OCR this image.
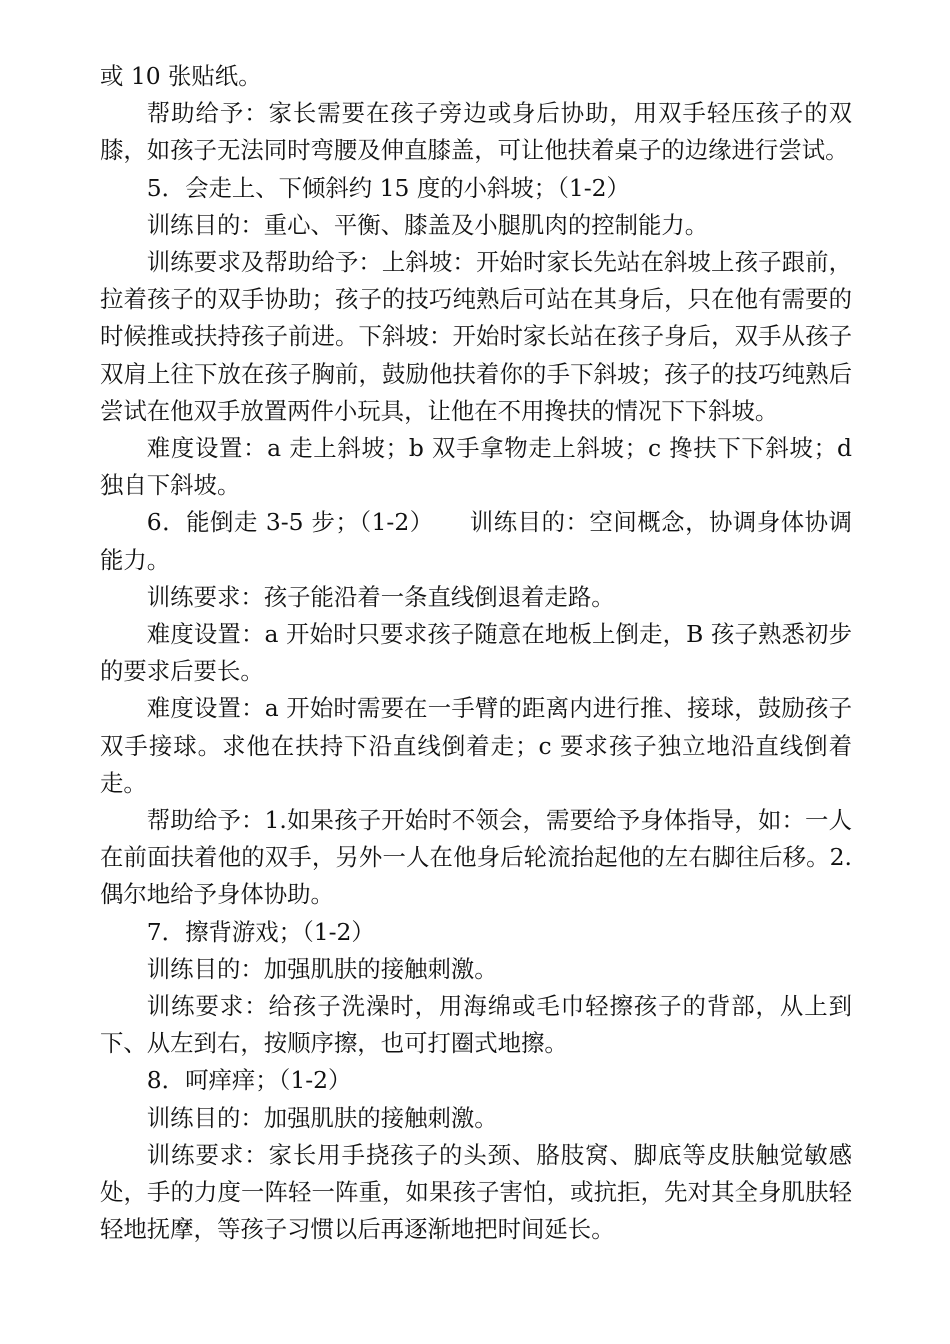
或 10 张贴纸。

帮助给予：家长需要在孩子旁边或身后协助，用双手轻压孩子的双膝，如孩子无法同时弯腰及伸直膝盖，可让他扶着桌子的边缘进行尝试。

5．会走上、下倾斜约 15 度的小斜坡；（1-2）

训练目的：重心、平衡、膝盖及小腿肌肉的控制能力。

训练要求及帮助给予：上斜坡：开始时家长先站在斜坡上孩子跟前，拉着孩子的双手协助；孩子的技巧纯熟后可站在其身后，只在他有需要的时候推或扶持孩子前进。下斜坡：开始时家长站在孩子身后，双手从孩子双肩上往下放在孩子胸前，鼓励他扶着你的手下斜坡；孩子的技巧纯熟后尝试在他双手放置两件小玩具，让他在不用搀扶的情况下下斜坡。

难度设置：a 走上斜坡；b 双手拿物走上斜坡；c 搀扶下下斜坡；d 独自下斜坡。

6．能倒走 3-5 步；（1-2）　　训练目的：空间概念，协调身体协调能力。

训练要求：孩子能沿着一条直线倒退着走路。

难度设置：a 开始时只要求孩子随意在地板上倒走，B 孩子熟悉初步的要求后要长。

难度设置：a 开始时需要在一手臂的距离内进行推、接球，鼓励孩子双手接球。求他在扶持下沿直线倒着走；c 要求孩子独立地沿直线倒着走。

帮助给予：1.如果孩子开始时不领会，需要给予身体指导，如：一人在前面扶着他的双手，另外一人在他身后轮流抬起他的左右脚往后移。2.偶尔地给予身体协助。

7．擦背游戏；（1-2）

训练目的：加强肌肤的接触刺激。

训练要求：给孩子洗澡时，用海绵或毛巾轻擦孩子的背部，从上到下、从左到右，按顺序擦，也可打圈式地擦。

8．呵痒痒；（1-2）

训练目的：加强肌肤的接触刺激。

训练要求：家长用手挠孩子的头颈、胳肢窝、脚底等皮肤触觉敏感处，手的力度一阵轻一阵重，如果孩子害怕，或抗拒，先对其全身肌肤轻轻地抚摩，等孩子习惯以后再逐渐地把时间延长。
